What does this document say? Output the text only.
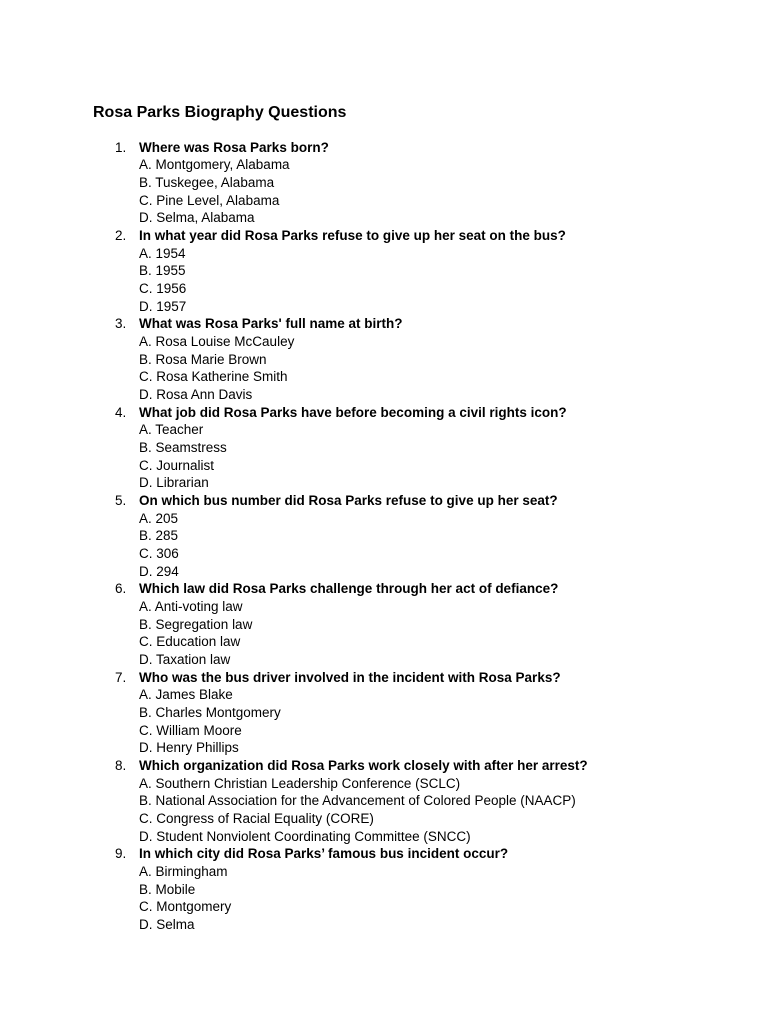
Rosa Parks Biography Questions
1. Where was Rosa Parks born?
A. Montgomery, Alabama
B. Tuskegee, Alabama
C. Pine Level, Alabama
D. Selma, Alabama
2. In what year did Rosa Parks refuse to give up her seat on the bus?
A. 1954
B. 1955
C. 1956
D. 1957
3. What was Rosa Parks' full name at birth?
A. Rosa Louise McCauley
B. Rosa Marie Brown
C. Rosa Katherine Smith
D. Rosa Ann Davis
4. What job did Rosa Parks have before becoming a civil rights icon?
A. Teacher
B. Seamstress
C. Journalist
D. Librarian
5. On which bus number did Rosa Parks refuse to give up her seat?
A. 205
B. 285
C. 306
D. 294
6. Which law did Rosa Parks challenge through her act of defiance?
A. Anti-voting law
B. Segregation law
C. Education law
D. Taxation law
7. Who was the bus driver involved in the incident with Rosa Parks?
A. James Blake
B. Charles Montgomery
C. William Moore
D. Henry Phillips
8. Which organization did Rosa Parks work closely with after her arrest?
A. Southern Christian Leadership Conference (SCLC)
B. National Association for the Advancement of Colored People (NAACP)
C. Congress of Racial Equality (CORE)
D. Student Nonviolent Coordinating Committee (SNCC)
9. In which city did Rosa Parks’ famous bus incident occur?
A. Birmingham
B. Mobile
C. Montgomery
D. Selma
